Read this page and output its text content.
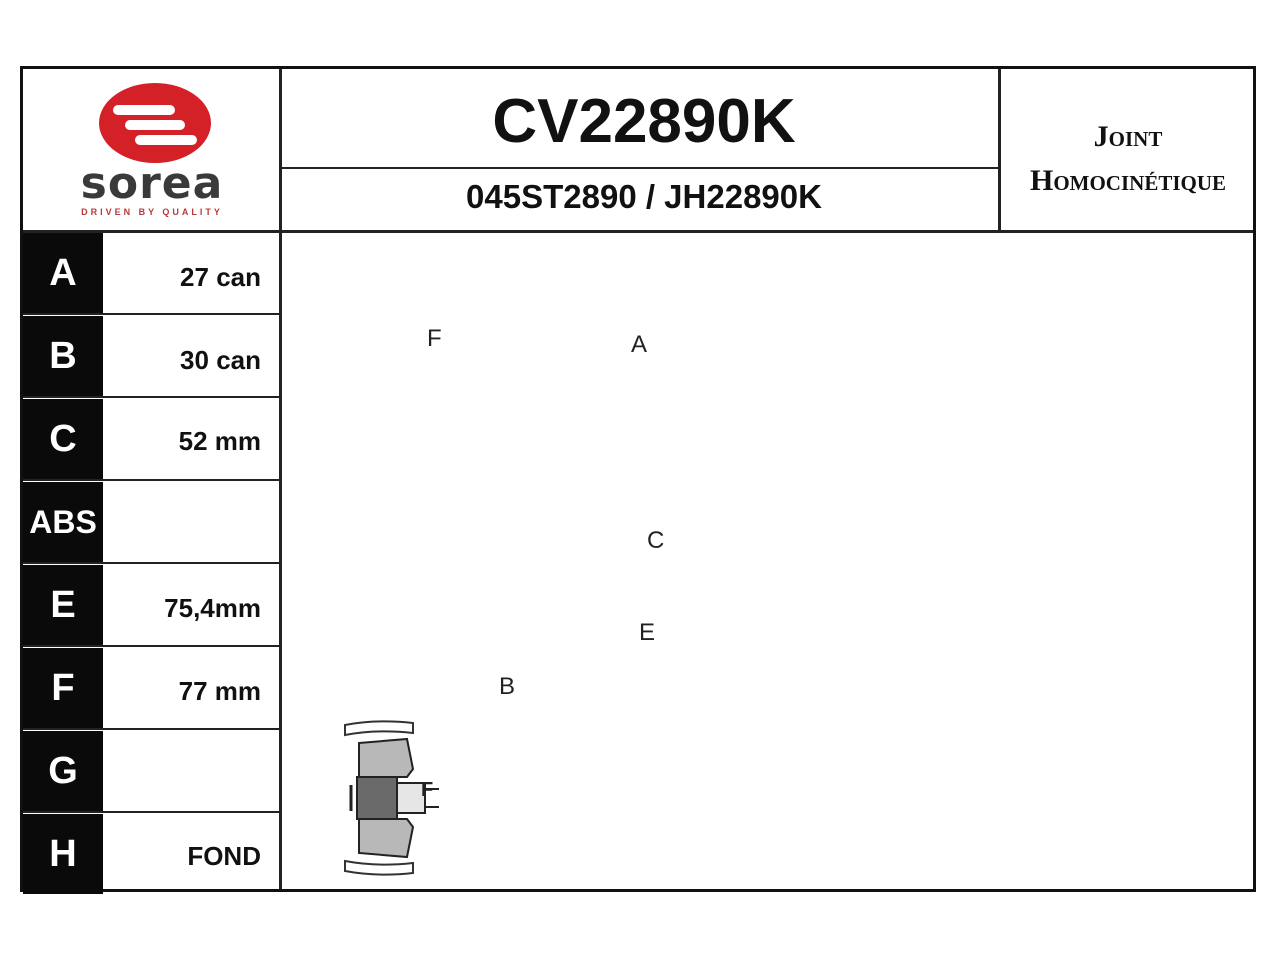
sorea
DRIVEN BY QUALITY
CV22890K
045ST2890 / JH22890K
Joint
Homocinétique
A	27 can
B	30 can
C	52 mm
ABS
E	75,4mm
F	77 mm
G
H	FOND
F	A
C
E
B
F
